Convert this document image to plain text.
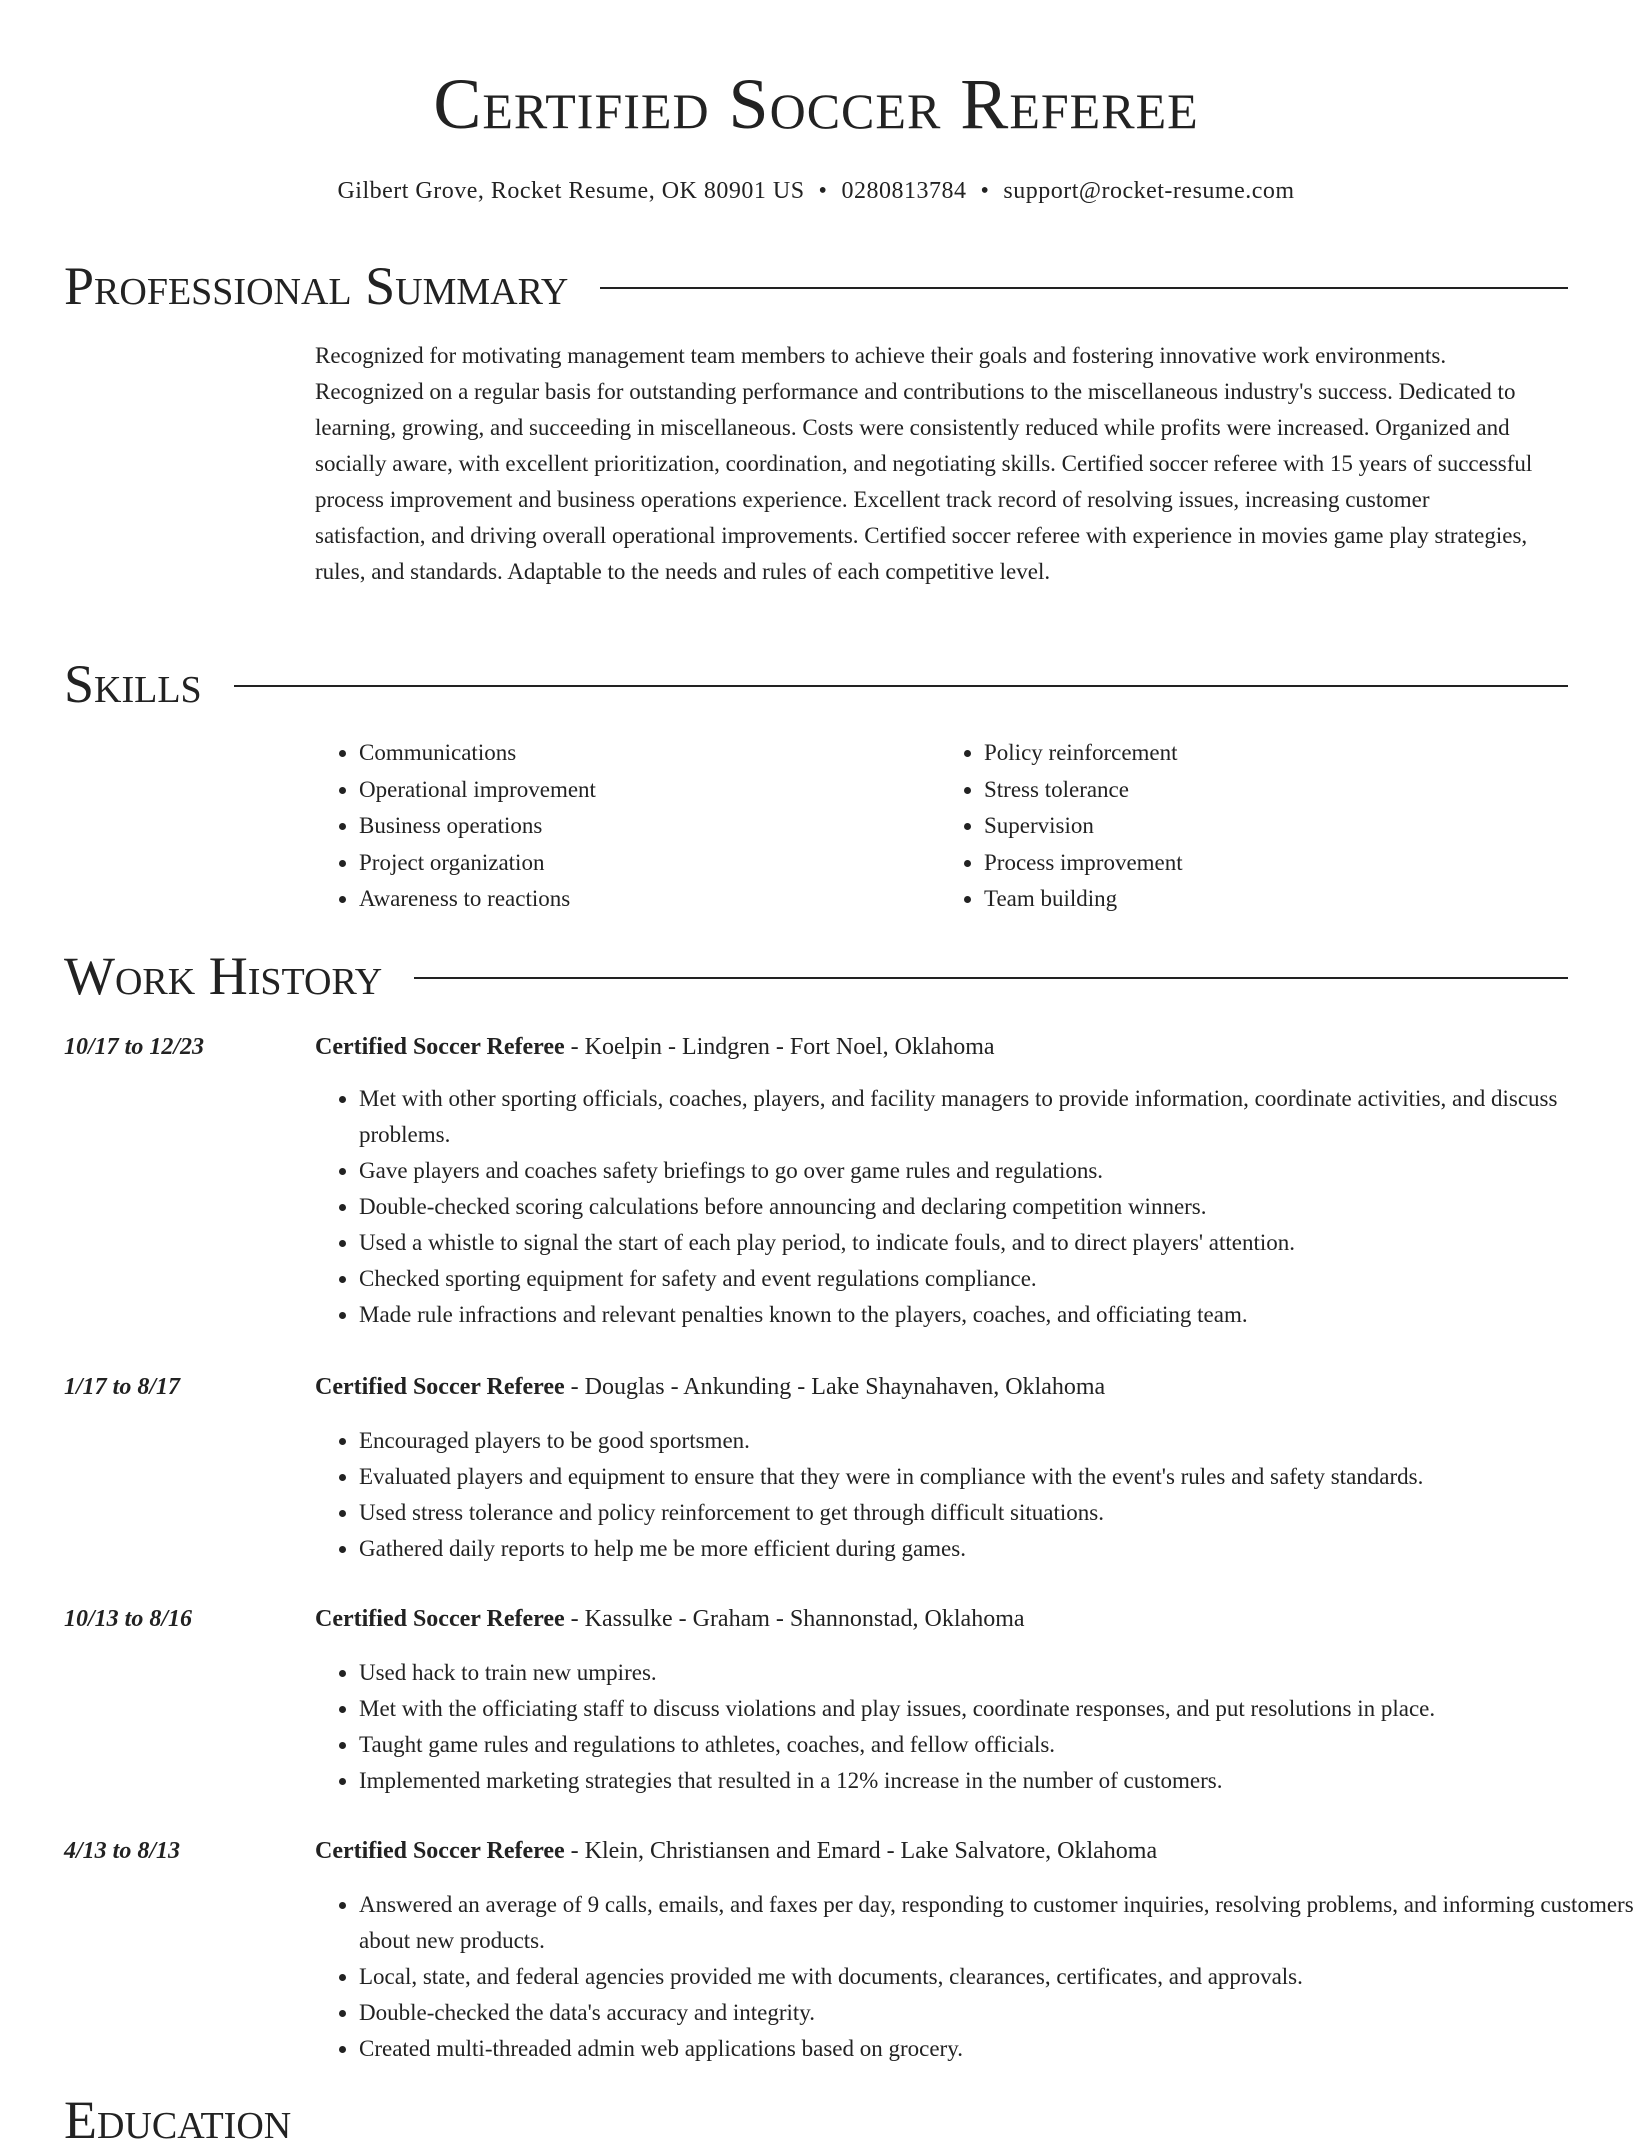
Certified Soccer Referee
Gilbert Grove, Rocket Resume, OK 80901 US • 0280813784 • support@rocket-resume.com
Professional Summary
Recognized for motivating management team members to achieve their goals and fostering innovative work environments. Recognized on a regular basis for outstanding performance and contributions to the miscellaneous industry's success. Dedicated to learning, growing, and succeeding in miscellaneous. Costs were consistently reduced while profits were increased. Organized and socially aware, with excellent prioritization, coordination, and negotiating skills. Certified soccer referee with 15 years of successful process improvement and business operations experience. Excellent track record of resolving issues, increasing customer satisfaction, and driving overall operational improvements. Certified soccer referee with experience in movies game play strategies, rules, and standards. Adaptable to the needs and rules of each competitive level.
Skills
• Communications
• Operational improvement
• Business operations
• Project organization
• Awareness to reactions
• Policy reinforcement
• Stress tolerance
• Supervision
• Process improvement
• Team building
Work History
10/17 to 12/23	Certified Soccer Referee - Koelpin - Lindgren - Fort Noel, Oklahoma
• Met with other sporting officials, coaches, players, and facility managers to provide information, coordinate activities, and discuss problems.
• Gave players and coaches safety briefings to go over game rules and regulations.
• Double-checked scoring calculations before announcing and declaring competition winners.
• Used a whistle to signal the start of each play period, to indicate fouls, and to direct players' attention.
• Checked sporting equipment for safety and event regulations compliance.
• Made rule infractions and relevant penalties known to the players, coaches, and officiating team.
1/17 to 8/17	Certified Soccer Referee - Douglas - Ankunding - Lake Shaynahaven, Oklahoma
• Encouraged players to be good sportsmen.
• Evaluated players and equipment to ensure that they were in compliance with the event's rules and safety standards.
• Used stress tolerance and policy reinforcement to get through difficult situations.
• Gathered daily reports to help me be more efficient during games.
10/13 to 8/16	Certified Soccer Referee - Kassulke - Graham - Shannonstad, Oklahoma
• Used hack to train new umpires.
• Met with the officiating staff to discuss violations and play issues, coordinate responses, and put resolutions in place.
• Taught game rules and regulations to athletes, coaches, and fellow officials.
• Implemented marketing strategies that resulted in a 12% increase in the number of customers.
4/13 to 8/13	Certified Soccer Referee - Klein, Christiansen and Emard - Lake Salvatore, Oklahoma
• Answered an average of 9 calls, emails, and faxes per day, responding to customer inquiries, resolving problems, and informing customers about new products.
• Local, state, and federal agencies provided me with documents, clearances, certificates, and approvals.
• Double-checked the data's accuracy and integrity.
• Created multi-threaded admin web applications based on grocery.
Education
